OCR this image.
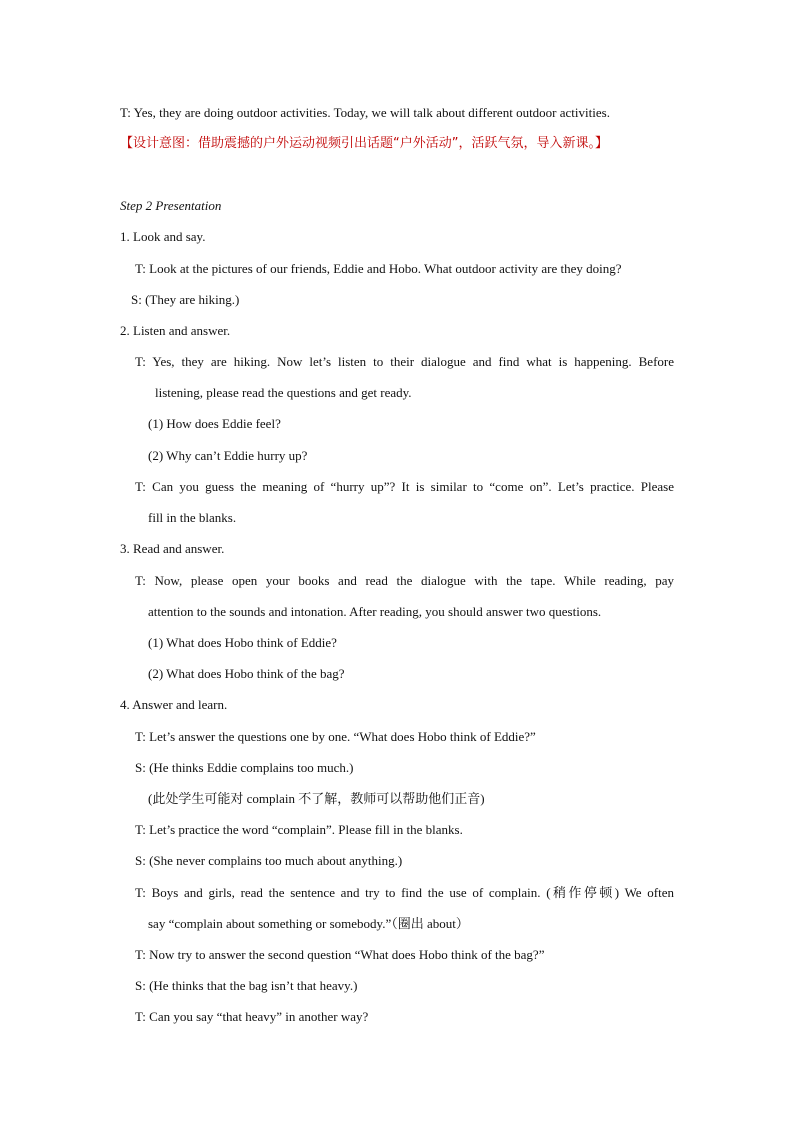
T: Yes, they are doing outdoor activities. Today, we will talk about different outdoor activities.
【设计意图：借助震撼的户外运动视频引出话题“户外活动”，活跃气氛，导入新课。】
Step 2 Presentation
1. Look and say.
T: Look at the pictures of our friends, Eddie and Hobo. What outdoor activity are they doing?
S: (They are hiking.)
2. Listen and answer.
T: Yes, they are hiking. Now let’s listen to their dialogue and find what is happening. Before
listening, please read the questions and get ready.
(1) How does Eddie feel?
(2) Why can’t Eddie hurry up?
T: Can you guess the meaning of “hurry up”? It is similar to “come on”. Let’s practice. Please
fill in the blanks.
3. Read and answer.
T: Now, please open your books and read the dialogue with the tape. While reading, pay
attention to the sounds and intonation. After reading, you should answer two questions.
(1) What does Hobo think of Eddie?
(2) What does Hobo think of the bag?
4. Answer and learn.
T: Let’s answer the questions one by one. “What does Hobo think of Eddie?”
S: (He thinks Eddie complains too much.)
(此处学生可能对 complain 不了解，教师可以帮助他们正音)
T: Let’s practice the word “complain”. Please fill in the blanks.
S: (She never complains too much about anything.)
T: Boys and girls, read the sentence and try to find the use of complain. (稍作停顿) We often
say “complain about something or somebody.”（圈出 about）
T: Now try to answer the second question “What does Hobo think of the bag?”
S: (He thinks that the bag isn’t that heavy.)
T: Can you say “that heavy” in another way?
